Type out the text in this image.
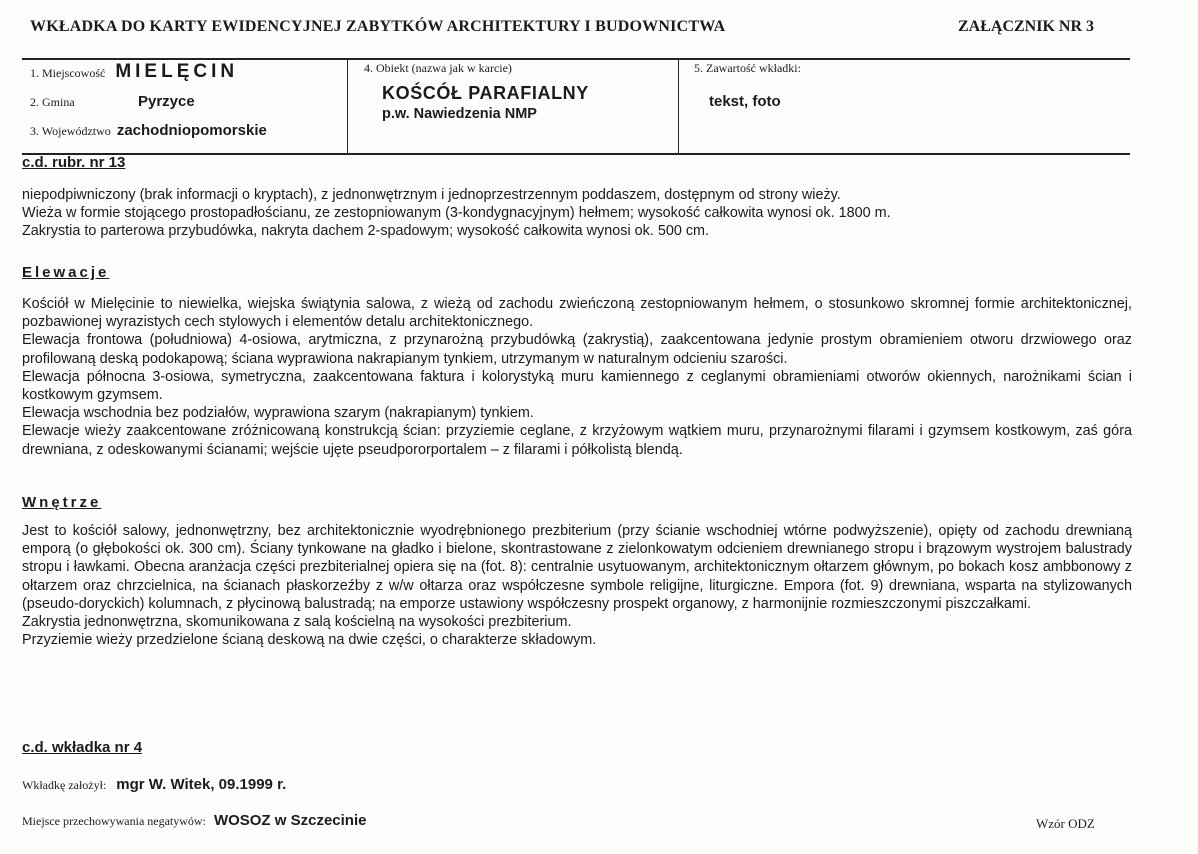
WKŁADKA DO KARTY EWIDENCYJNEJ ZABYTKÓW ARCHITEKTURY I BUDOWNICTWA	ZAŁĄCZNIK NR 3
1. Miejscowość MIELĘCIN
2. Gmina	Pyrzyce
3. Województwo zachodniopomorskie
4. Obiekt (nazwa jak w karcie)
KOŚCÓŁ PARAFIALNY
p.w. Nawiedzenia NMP
5. Zawartość wkładki:
tekst, foto
c.d. rubr. nr 13

niepodpiwniczony (brak informacji o kryptach), z jednonwętrznym i jednoprzestrzennym poddaszem, dostępnym od strony wieży.

Wieża w formie stojącego prostopadłościanu, ze zestopniowanym (3-kondygnacyjnym) hełmem; wysokość całkowita wynosi ok. 1800 m.

Zakrystia to parterowa przybudówka, nakryta dachem 2-spadowym; wysokość całkowita wynosi ok. 500 cm.

Elewacje

Kościół w Mielęcinie to niewielka, wiejska świątynia salowa, z wieżą od zachodu zwieńczoną zestopniowanym hełmem, o stosunkowo skromnej formie architektonicznej, pozbawionej wyrazistych cech stylowych i elementów detalu architektonicznego.

Elewacja frontowa (południowa) 4-osiowa, arytmiczna, z przynarożną przybudówką (zakrystią), zaakcentowana jedynie prostym obramieniem otworu drzwiowego oraz profilowaną deską podokapową; ściana wyprawiona nakrapianym tynkiem, utrzymanym w naturalnym odcieniu szarości.

Elewacja północna 3-osiowa, symetryczna, zaakcentowana faktura i kolorystyką muru kamiennego z ceglanymi obramieniami otworów okiennych, narożnikami ścian i kostkowym gzymsem.

Elewacja wschodnia bez podziałów, wyprawiona szarym (nakrapianym) tynkiem.

Elewacje wieży zaakcentowane zróżnicowaną konstrukcją ścian: przyziemie ceglane, z krzyżowym wątkiem muru, przynarożnymi filarami i gzymsem kostkowym, zaś góra drewniana, z odeskowanymi ścianami; wejście ujęte pseudpororportalem – z filarami i półkolistą blendą.

Wnętrze

Jest to kościół salowy, jednonwętrzny, bez architektonicznie wyodrębnionego prezbiterium (przy ścianie wschodniej wtórne podwyższenie), opięty od zachodu drewnianą emporą (o głębokości ok. 300 cm). Ściany tynkowane na gładko i bielone, skontrastowane z zielonkowatym odcieniem drewnianego stropu i brązowym wystrojem balustrady stropu i ławkami. Obecna aranżacja części prezbiterialnej opiera się na (fot. 8): centralnie usytuowanym, architektonicznym ołtarzem głównym, po bokach kosz ambbonowy z ołtarzem oraz chrzcielnica, na ścianach płaskorzeźby z w/w ołtarza oraz współczesne symbole religijne, liturgiczne. Empora (fot. 9) drewniana, wsparta na stylizowanych (pseudo-doryckich) kolumnach, z płycinową balustradą; na emporze ustawiony współczesny prospekt organowy, z harmonijnie rozmieszczonymi piszczałkami.

Zakrystia jednonwętrzna, skomunikowana z salą kościelną na wysokości prezbiterium.

Przyziemie wieży przedzielone ścianą deskową na dwie części, o charakterze składowym.

c.d. wkładka nr 4
Wkładkę założył: mgr W. Witek, 09.1999 r.
Miejsce przechowywania negatywów: WOSOZ w Szczecinie	Wzór ODZ
